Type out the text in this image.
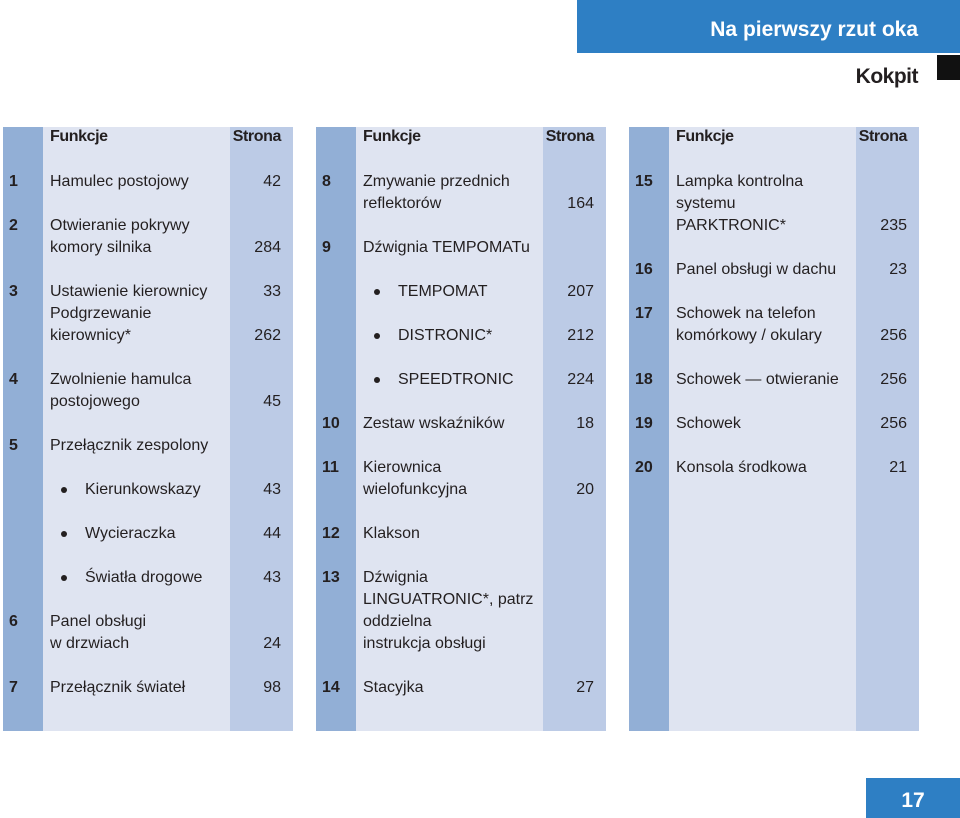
Na pierwszy rzut oka
Kokpit
Funkcje	Strona
1 Hamulec postojowy	42
2 Otwieranie pokrywy
komory silnika	284
3 Ustawienie kierownicy	33
Podgrzewanie
kierownicy*	262
4 Zwolnienie hamulca
postojowego	45
5 Przełącznik zespolony
Kierunkowskazy	43
Wycieraczka	44
Światła drogowe	43
6 Panel obsługi
w drzwiach	24
7 Przełącznik świateł	98
Funkcje	Strona
8 Zmywanie przednich
reflektorów	164
9 Dźwignia TEMPOMATu
TEMPOMAT	207
DISTRONIC*	212
SPEEDTRONIC	224
10 Zestaw wskaźników	18
11 Kierownica
wielofunkcyjna	20
12 Klakson
13 Dźwignia
LINGUATRONIC*, patrz
oddzielna
instrukcja obsługi
14 Stacyjka	27
Funkcje	Strona
15 Lampka kontrolna
systemu
PARKTRONIC*	235
16 Panel obsługi w dachu	23
17 Schowek na telefon
komórkowy / okulary	256
18 Schowek — otwieranie	256
19 Schowek	256
20 Konsola środkowa	21
17
